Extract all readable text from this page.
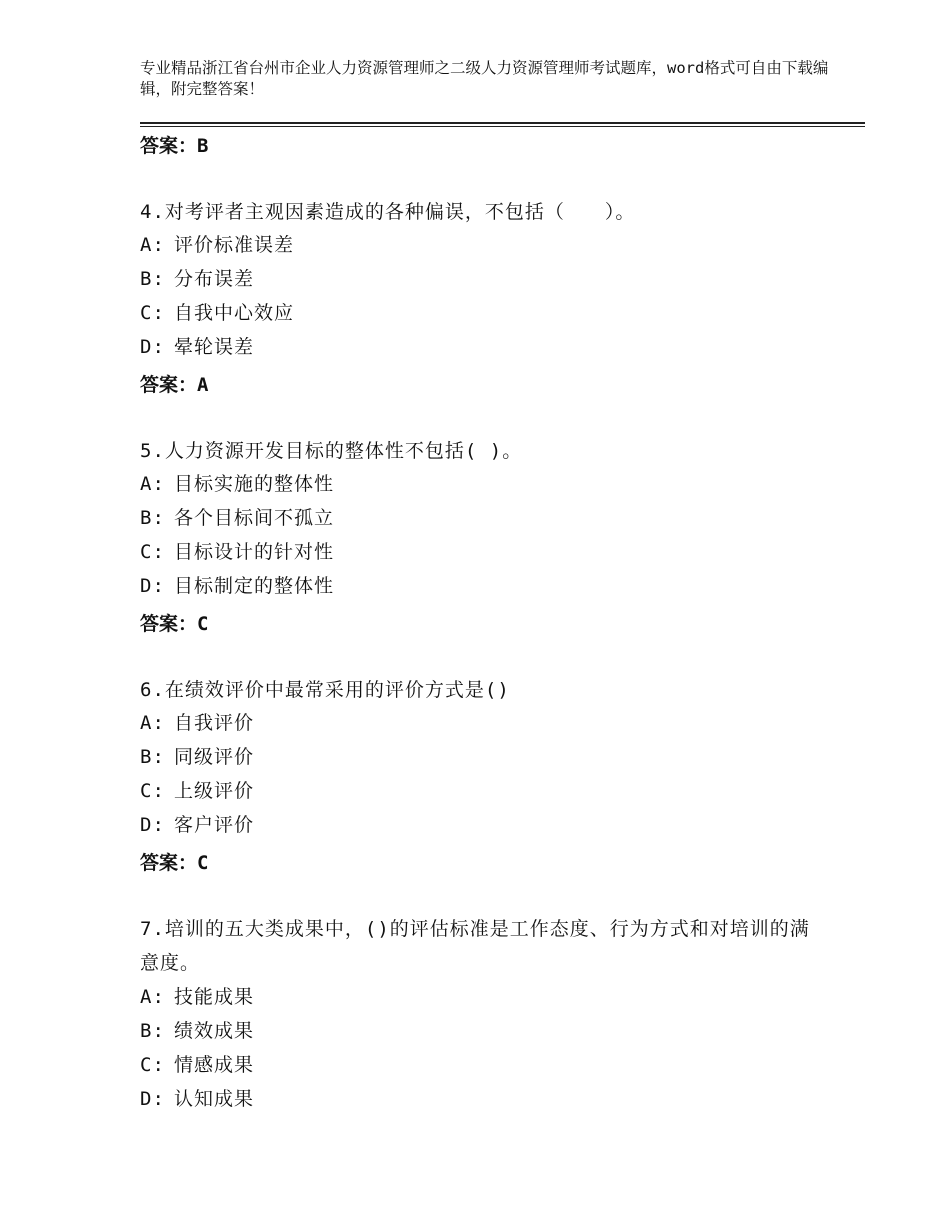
专业精品浙江省台州市企业人力资源管理师之二级人力资源管理师考试题库，word格式可自由下载编辑，附完整答案！
答案：B
4.对考评者主观因素造成的各种偏误，不包括（　　）。
A: 评价标准误差
B: 分布误差
C: 自我中心效应
D: 晕轮误差
答案：A
5.人力资源开发目标的整体性不包括( )。
A: 目标实施的整体性
B: 各个目标间不孤立
C: 目标设计的针对性
D: 目标制定的整体性
答案：C
6.在绩效评价中最常采用的评价方式是()
A: 自我评价
B: 同级评价
C: 上级评价
D: 客户评价
答案：C
7.培训的五大类成果中，()的评估标准是工作态度、行为方式和对培训的满意度。
A: 技能成果
B: 绩效成果
C: 情感成果
D: 认知成果
